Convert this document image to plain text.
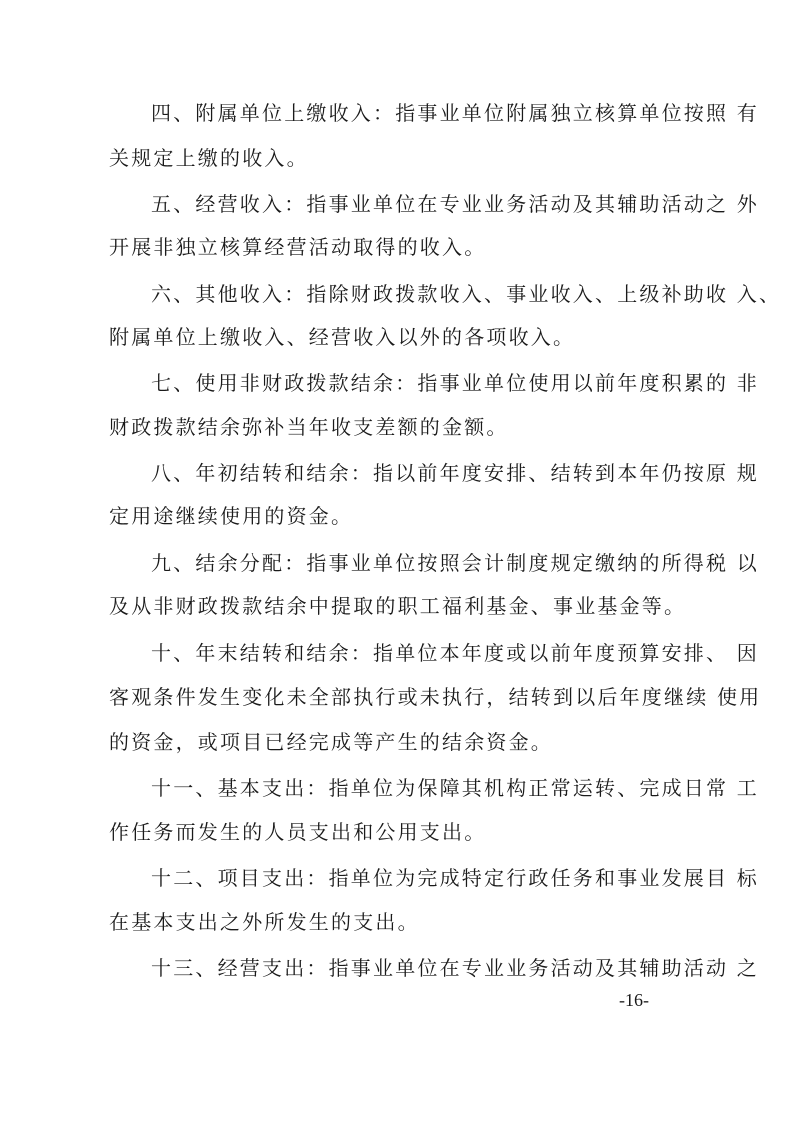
四、附属单位上缴收入：指事业单位附属独立核算单位按照 有
关规定上缴的收入。
五、经营收入：指事业单位在专业业务活动及其辅助活动之 外
开展非独立核算经营活动取得的收入。
六、其他收入：指除财政拨款收入、事业收入、上级补助收 入、
附属单位上缴收入、经营收入以外的各项收入。
七、使用非财政拨款结余：指事业单位使用以前年度积累的 非
财政拨款结余弥补当年收支差额的金额。
八、年初结转和结余：指以前年度安排、结转到本年仍按原 规
定用途继续使用的资金。
九、结余分配：指事业单位按照会计制度规定缴纳的所得税 以
及从非财政拨款结余中提取的职工福利基金、事业基金等。
十、年末结转和结余：指单位本年度或以前年度预算安排、 因
客观条件发生变化未全部执行或未执行，结转到以后年度继续 使用
的资金，或项目已经完成等产生的结余资金。
十一、基本支出：指单位为保障其机构正常运转、完成日常 工
作任务而发生的人员支出和公用支出。
十二、项目支出：指单位为完成特定行政任务和事业发展目 标
在基本支出之外所发生的支出。
十三、经营支出：指事业单位在专业业务活动及其辅助活动 之
-16-
